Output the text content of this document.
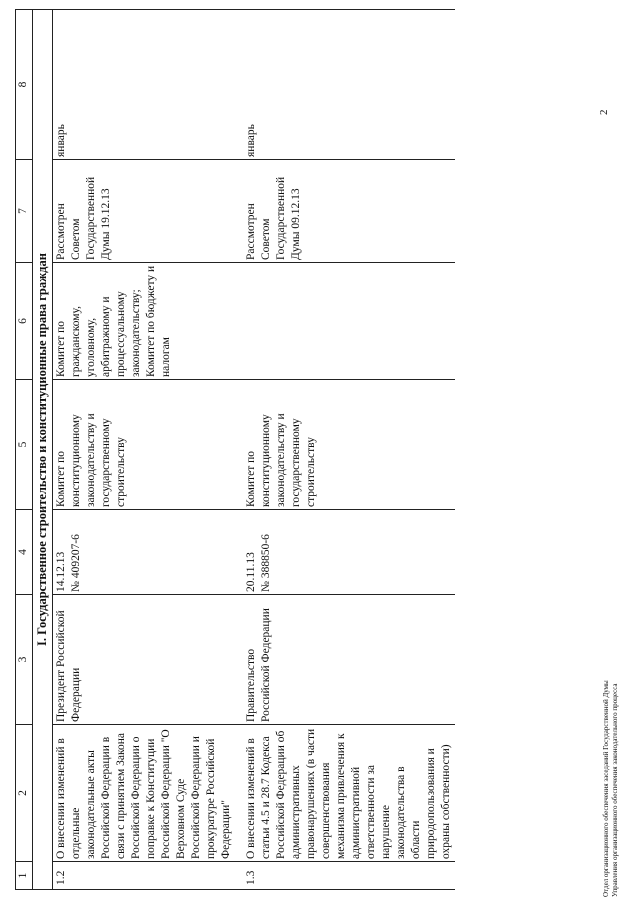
1	2	3	4	5	6	7	8
I. Государственное строительство и конституционные права граждан							
1.2	О внесении изменений в отдельные законодательные акты Российской Федерации в связи с принятием Закона Российской Федерации о поправке к Конституции Российской Федерации "О Верховном Суде Российской Федерации и прокуратуре Российской Федерации"	Президент Российской Федерации	14.12.13
№ 409207-6	Комитет по конституционному законодательству и государственному строительству	Комитет по гражданскому, уголовному, арбитражному и процессуальному законодательству; Комитет по бюджету и налогам	Рассмотрен Советом Государственной Думы 19.12.13	январь
1.3	О внесении изменений в статьи 4.5 и 28.7 Кодекса Российской Федерации об административных правонарушениях (в части совершенствования механизма привлечения к административной ответственности за нарушение законодательства в области природопользования и охраны собственности)	Правительство Российской Федерации	20.11.13
№ 388850-6	Комитет по конституционному законодательству и государственному строительству		Рассмотрен Советом Государственной Думы 09.12.13	январь
Отдел организационного обеспечения заседаний Государственной Думы Управления организационного обеспечения законодательного процесса
2
